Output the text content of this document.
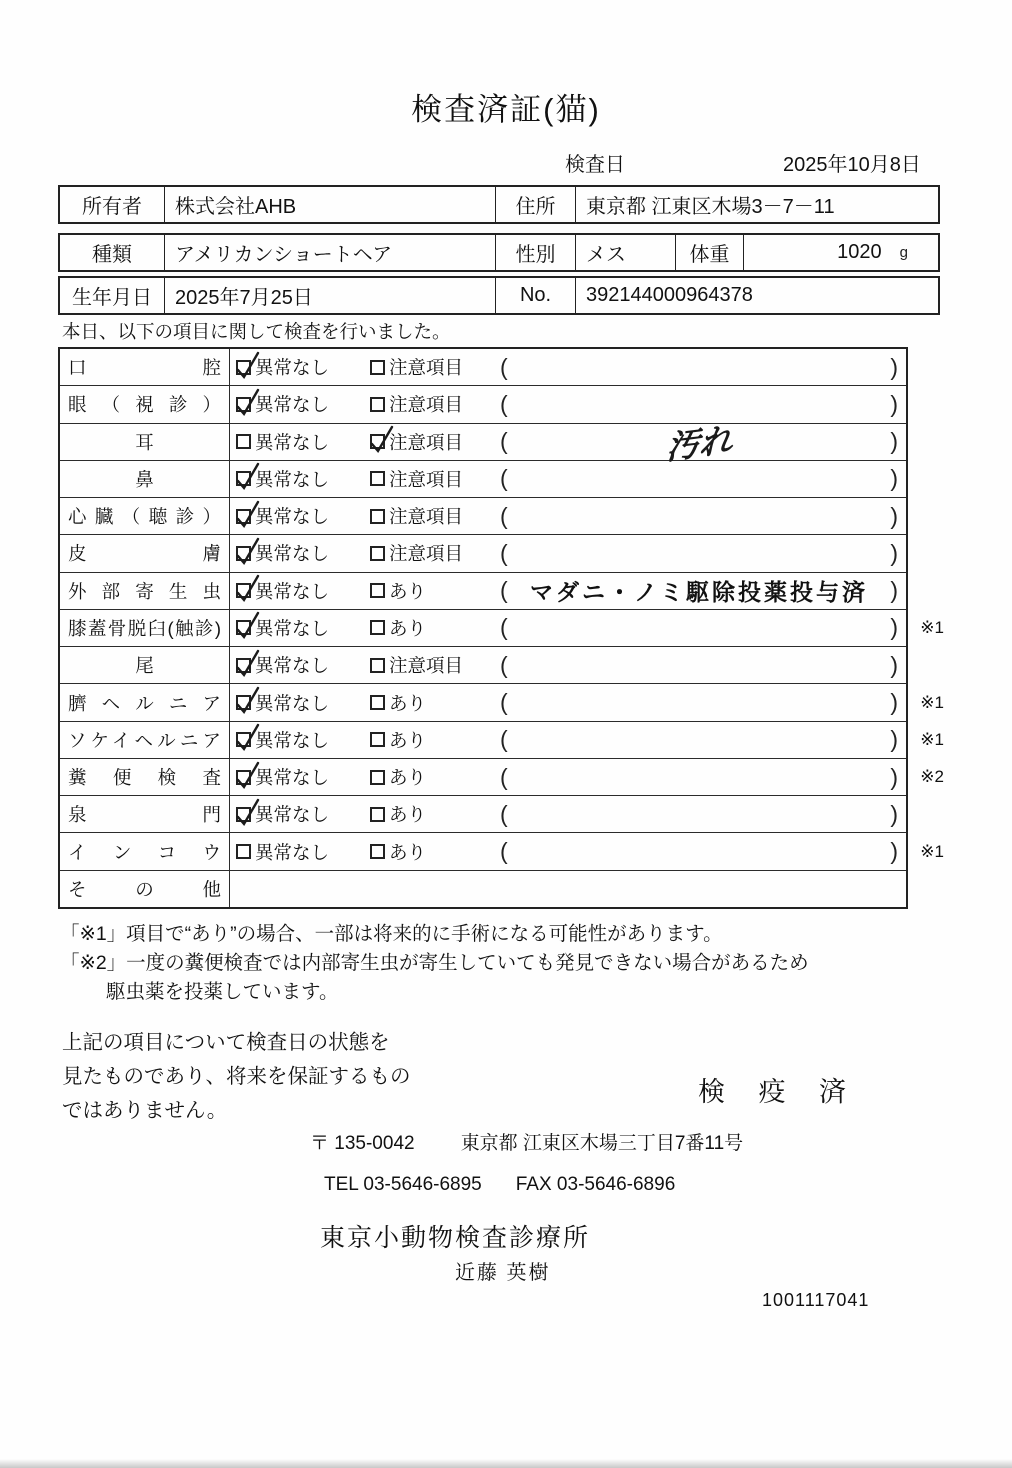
検査済証(猫)
検査日	2025年10月8日
所有者	株式会社AHB	住所	東京都 江東区木場3－7－11
種類	アメリカンショートヘア	性別	メス	体重	1020 g
生年月日	2025年7月25日	No.	392144000964378
本日、以下の項目に関して検査を行いました。
口腔 異常なし	注意項目 (	)
眼（視診） 異常なし	注意項目 (	)
耳	異常なし	注意項目 (	汚れ	)
鼻	異常なし	注意項目 (	)
心臓（聴診） 異常なし	注意項目 (	)
皮膚 異常なし	注意項目 (	)
外部寄生虫 異常なし	あり	( マダニ・ノミ駆除投薬投与済 )
膝蓋骨脱臼(触診) 異常なし	あり	(	) ※1
尾	異常なし	注意項目 (	)
臍ヘルニア 異常なし	あり	(	) ※1
ソケイヘルニア 異常なし	あり	(	) ※1
糞便検査 異常なし	あり	(	) ※2
泉門 異常なし	あり	(	)
インコウ 異常なし	あり	(	) ※1
その他
「※1」項目で“あり”の場合、一部は将来的に手術になる可能性があります。
「※2」一度の糞便検査では内部寄生虫が寄生していても発見できない場合があるため
駆虫薬を投薬しています。
上記の項目について検査日の状態を
見たものであり、将来を保証するもの
ではありません。
検 疫 済
〒 135-0042 東京都 江東区木場三丁目7番11号
TEL 03-5646-6895 FAX 03-5646-6896
東京小動物検査診療所
近藤 英樹
1001117041
